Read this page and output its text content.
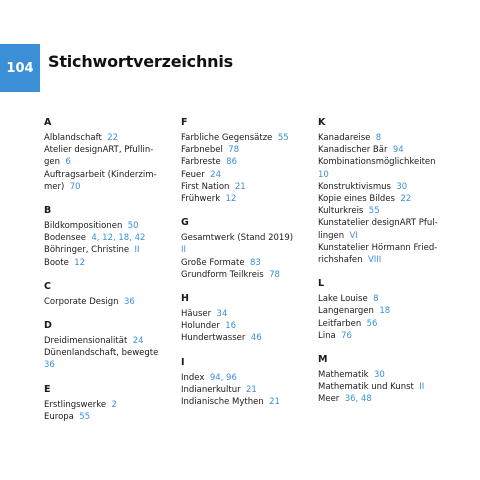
104 Stichwortverzeichnis
A
Alblandschaft 22
Atelier designART, Pfullin-
gen 6
Auftragsarbeit (Kinderzim-
mer) 70
B
Bildkompositionen 50
Bodensee 4, 12, 18, 42
Böhringer, Christine II
Boote 12
C
Corporate Design 36
D
Dreidimensionalität 24
Dünenlandschaft, bewegte
36
E
Erstlingswerke 2
Europa 55
F
Farbliche Gegensätze 55
Farbnebel 78
Farbreste 86
Feuer 24
First Nation 21
Frühwerk 12
G
Gesamtwerk (Stand 2019)
II
Große Formate 83
Grundform Teilkreis 78
H
Häuser 34
Holunder 16
Hundertwasser 46
I
Index 94, 96
Indianerkultur 21
Indianische Mythen 21
K
Kanadareise 8
Kanadischer Bär 94
Kombinationsmöglichkeiten
10
Konstruktivismus 30
Kopie eines Bildes 22
Kulturkreis 55
Kunstatelier designART Pful-
lingen VI
Kunstatelier Hörmann Fried-
richshafen VIII
L
Lake Louise 8
Langenargen 18
Leitfarben 56
Lina 76
M
Mathematik 30
Mathematik und Kunst II
Meer 36, 48
